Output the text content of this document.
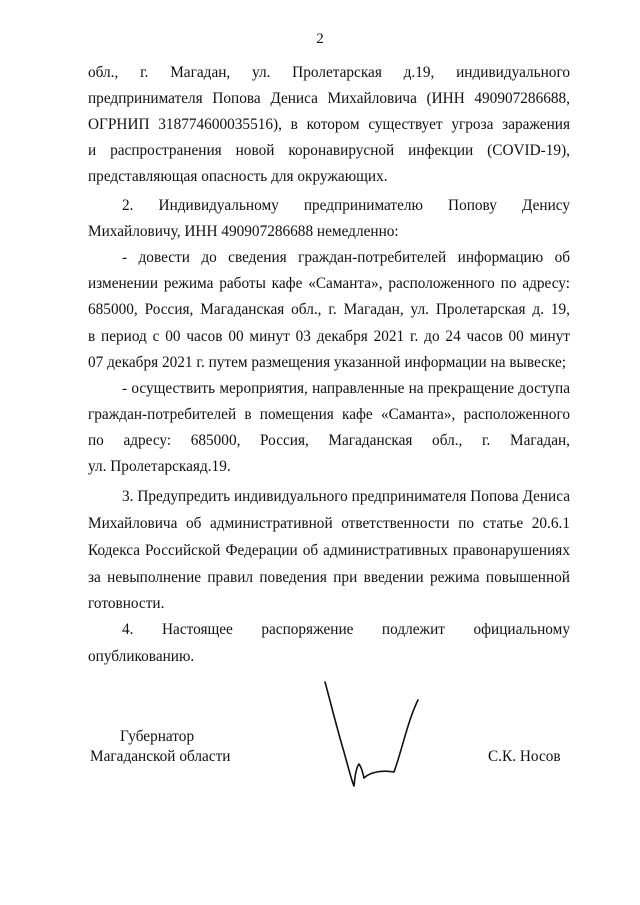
2
обл., г. Магадан, ул. Пролетарская д.19, индивидуального
предпринимателя Попова Дениса Михайловича (ИНН 490907286688,
ОГРНИП 318774600035516), в котором существует угроза заражения
и распространения новой коронавирусной инфекции (COVID-19),
представляющая опасность для окружающих.
2. Индивидуальному предпринимателю Попову Денису
Михайловичу, ИНН 490907286688 немедленно:
- довести до сведения граждан-потребителей информацию об
изменении режима работы кафе «Саманта», расположенного по адресу:
685000, Россия, Магаданская обл., г. Магадан, ул. Пролетарская д. 19,
в период с 00 часов 00 минут 03 декабря 2021 г. до 24 часов 00 минут
07 декабря 2021 г. путем размещения указанной информации на вывеске;
- осуществить мероприятия, направленные на прекращение доступа
граждан-потребителей в помещения кафе «Саманта», расположенного
по адресу: 685000, Россия, Магаданская обл., г. Магадан,
ул. Пролетарскаяд.19.
3. Предупредить индивидуального предпринимателя Попова Дениса
Михайловича об административной ответственности по статье 20.6.1
Кодекса Российской Федерации об административных правонарушениях
за невыполнение правил поведения при введении режима повышенной
готовности.
4. Настоящее распоряжение подлежит официальному
опубликованию.
Губернатор
Магаданской области	С.К. Носов
